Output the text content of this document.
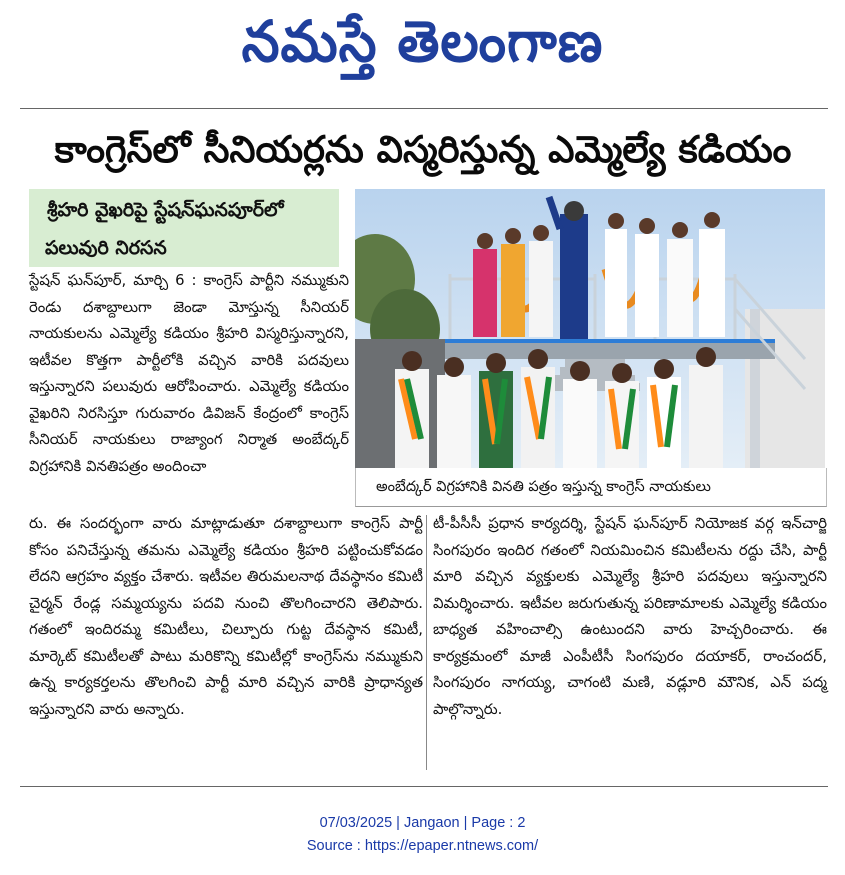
నమస్తే తెలంగాణ
కాంగ్రెస్‌లో సీనియర్లను విస్మరిస్తున్న ఎమ్మెల్యే కడియం
శ్రీహరి వైఖరిపై స్టేషన్‌ఘనపూర్‌లో
పలువురి నిరసన

స్టేషన్ ఘన్‌పూర్, మార్చి 6 : కాంగ్రెస్ పార్టీని నమ్ముకుని రెండు దశాబ్దాలుగా జెండా మోస్తున్న సీనియర్ నాయకులను ఎమ్మెల్యే కడియం శ్రీహరి విస్మరిస్తున్నారని, ఇటీవల కొత్తగా పార్టీలోకి వచ్చిన వారికి పదవులు ఇస్తున్నారని పలువురు ఆరోపించారు. ఎమ్మెల్యే కడియం వైఖరిని నిరసిస్తూ గురువారం డివిజన్ కేంద్రంలో కాంగ్రెస్ సీనియర్ నాయకులు రాజ్యాంగ నిర్మాత అంబేద్కర్ విగ్రహానికి వినతిపత్రం అందించా

అంబేద్కర్ విగ్రహానికి వినతి పత్రం ఇస్తున్న కాంగ్రెస్ నాయకులు

రు. ఈ సందర్భంగా వారు మాట్లాడుతూ దశాబ్దాలుగా కాంగ్రెస్ పార్టీ కోసం పనిచేస్తున్న తమను ఎమ్మెల్యే కడియం శ్రీహరి పట్టించుకోవడం లేదని ఆగ్రహం వ్యక్తం చేశారు. ఇటీవల తిరుమలనాథ దేవస్థానం కమిటీ చైర్మన్ రేండ్ల సమ్మయ్యను పదవి నుంచి తొలగించారని తెలిపారు. గతంలో ఇందిరమ్మ కమిటీలు, చిల్పూరు గుట్ట దేవస్థాన కమిటీ, మార్కెట్ కమిటీలతో పాటు మరికొన్ని కమిటీల్లో కాంగ్రెస్‌ను నమ్ముకుని ఉన్న కార్యకర్తలను తొలగించి పార్టీ మారి వచ్చిన వారికి ప్రాధాన్యత ఇస్తున్నారని వారు అన్నారు.

టీ-పీసీసీ ప్రధాన కార్యదర్శి, స్టేషన్ ఘన్‌పూర్ నియోజక వర్గ ఇన్‌చార్జి సింగపురం ఇందిర గతంలో నియమించిన కమిటీలను రద్దు చేసి, పార్టీ మారి వచ్చిన వ్యక్తులకు ఎమ్మెల్యే శ్రీహరి పదవులు ఇస్తున్నారని విమర్శించారు. ఇటీవల జరుగుతున్న పరిణామాలకు ఎమ్మెల్యే కడియం బాధ్యత వహించాల్సి ఉంటుందని వారు హెచ్చరించారు. ఈ కార్యక్రమంలో మాజీ ఎంపీటీసీ సింగపురం దయాకర్, రాంచందర్, సింగపురం నాగయ్య, చాగంటి మణి, వడ్లూరి మౌనిక, ఎన్ పద్మ పాల్గొన్నారు.

07/03/2025 | Jangaon | Page : 2
Source : https://epaper.ntnews.com/
